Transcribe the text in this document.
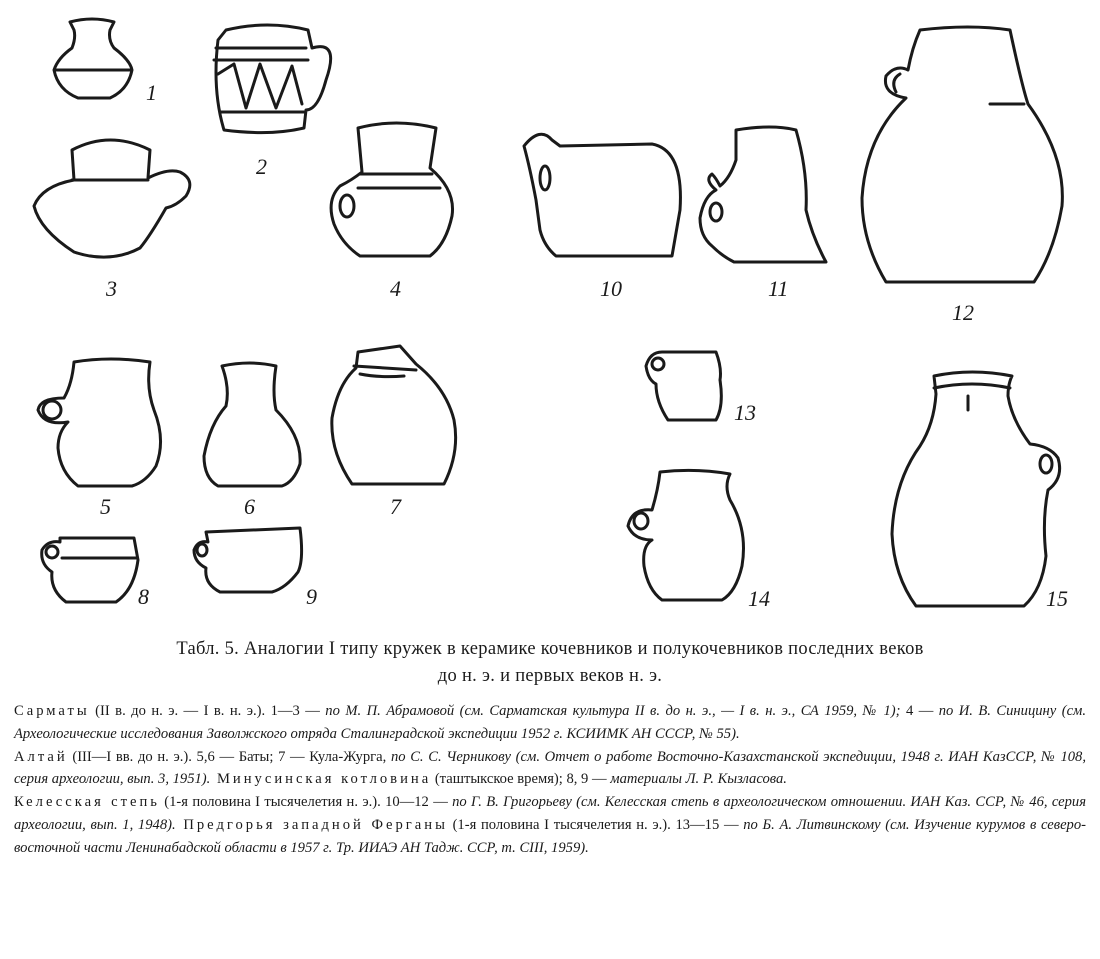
1
2
3	4	10	11
12
5	6	7
8	9
13
14	15
Табл. 5. Аналогии I типу кружек в керамике кочевников и полукочевников последних веков
до н. э. и первых веков н. э.

Сарматы (II в. до н. э. — I в. н. э.). 1—3 — по М. П. Абрамовой (см. Сарматская культура II в. до н. э., — I в. н. э., СА 1959, № 1); 4 — по И. В. Синицину (см. Археологические исследования Заволжского отряда Сталинградской экспедиции 1952 г. КСИИМК АН СССР, № 55).

Алтай (III—I вв. до н. э.). 5,6 — Баты; 7 — Кула-Журга, по С. С. Черникову (см. Отчет о работе Восточно-Казахстанской экспедиции, 1948 г. ИАН КазССР, № 108, серия археологии, вып. 3, 1951). Минусинская котловина (таштыкское время); 8, 9 — материалы Л. Р. Кызласова.

Келесская степь (1-я половина I тысячелетия н. э.). 10—12 — по Г. В. Григорьеву (см. Келесская степь в археологическом отношении. ИАН Каз. ССР, № 46, серия археологии, вып. 1, 1948). Предгорья западной Ферганы (1-я половина I тысячелетия н. э.). 13—15 — по Б. А. Литвинскому (см. Изучение курумов в северо-восточной части Ленинабадской области в 1957 г. Тр. ИИАЭ АН Тадж. ССР, т. CIII, 1959).
